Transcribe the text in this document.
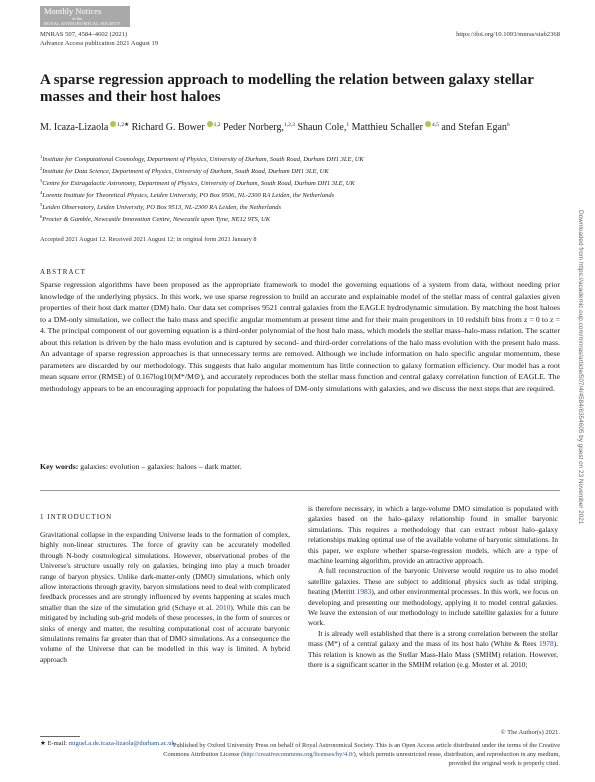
Monthly Notices
of the
ROYAL ASTRONOMICAL SOCIETY
MNRAS 507, 4584–4602 (2021)
Advance Access publication 2021 August 19
https://doi.org/10.1093/mnras/stab2368
A sparse regression approach to modelling the relation between galaxy stellar masses and their host haloes
M. Icaza-Lizaola $^{1,2★}$ Richard G. Bower $^{1,2}$ Peder Norberg,$^{1,2,3}$ Shaun Cole,$^1$ Matthieu Schaller $^{4,5}$ and Stefan Egan$^6$
$^1$Institute for Computational Cosmology, Department of Physics, University of Durham, South Road, Durham DH1 3LE, UK
$^2$Institute for Data Science, Department of Physics, University of Durham, South Road, Durham DH1 3LE, UK
$^3$Centre for Extragalactic Astronomy, Department of Physics, University of Durham, South Road, Durham DH1 3LE, UK
$^4$Lorentz Institute for Theoretical Physics, Leiden University, PO Box 9506, NL-2300 RA Leiden, the Netherlands
$^5$Leiden Observatory, Leiden University, PO Box 9513, NL-2300 RA Leiden, the Netherlands
$^6$Procter & Gamble, Newcastle Innovation Centre, Newcastle upon Tyne, NE12 9TS, UK
Accepted 2021 August 12. Received 2021 August 12; in original form 2021 January 8
ABSTRACT
Sparse regression algorithms have been proposed as the appropriate framework to model the governing equations of a system from data, without needing prior knowledge of the underlying physics. In this work, we use sparse regression to build an accurate and explainable model of the stellar mass of central galaxies given properties of their host dark matter (DM) halo. Our data set comprises 9521 central galaxies from the EAGLE hydrodynamic simulation. By matching the host haloes to a DM-only simulation, we collect the halo mass and specific angular momentum at present time and for their main progenitors in 10 redshift bins from z = 0 to z = 4. The principal component of our governing equation is a third-order polynomial of the host halo mass, which models the stellar mass–halo-mass relation. The scatter about this relation is driven by the halo mass evolution and is captured by second- and third-order correlations of the halo mass evolution with the present halo mass. An advantage of sparse regression approaches is that unnecessary terms are removed. Although we include information on halo specific angular momentum, these parameters are discarded by our methodology. This suggests that halo angular momentum has little connection to galaxy formation efficiency. Our model has a root mean square error (RMSE) of 0.167log10(M*/M⊙), and accurately reproduces both the stellar mass function and central galaxy correlation function of EAGLE. The methodology appears to be an encouraging approach for populating the haloes of DM-only simulations with galaxies, and we discuss the next steps that are required.
Key words: galaxies: evolution – galaxies: haloes – dark matter.
1 INTRODUCTION

Gravitational collapse in the expanding Universe leads to the formation of complex, highly non-linear structures. The force of gravity can be accurately modelled through N-body cosmological simulations. However, observational probes of the Universe's structure usually rely on galaxies, bringing into play a much broader range of baryon physics. Unlike dark-matter-only (DMO) simulations, which only allow interactions through gravity, baryon simulations need to deal with complicated feedback processes and are strongly influenced by events happening at scales much smaller than the size of the simulation grid (Schaye et al. 2010). While this can be mitigated by including sub-grid models of these processes, in the form of sources or sinks of energy and matter, the resulting computational cost of accurate baryonic simulations remains far greater than that of DMO simulations. As a consequence the volume of the Universe that can be modelled in this way is limited. A hybrid approach

is therefore necessary, in which a large-volume DMO simulation is populated with galaxies based on the halo–galaxy relationship found in smaller baryonic simulations. This requires a methodology that can extract robust halo–galaxy relationships making optimal use of the available volume of baryonic simulations. In this paper, we explore whether sparse-regression models, which are a type of machine learning algorithm, provide an attractive approach.

A full reconstruction of the baryonic Universe would require us to also model satellite galaxies. These are subject to additional physics such as tidal striping, heating (Merritt 1983), and other environmental processes. In this work, we focus on developing and presenting our methodology, applying it to model central galaxies. We leave the extension of our methodology to include satellite galaxies for a future work.

It is already well established that there is a strong correlation between the stellar mass (M*) of a central galaxy and the mass of its host halo (White & Rees 1978). This relation is known as the Stellar Mass-Halo Mass (SMHM) relation. However, there is a significant scatter in the SMHM relation (e.g. Moster et al. 2010;

★ E-mail: miguel.a.de.icaza-lizaola@durham.ac.uk
© The Author(s) 2021.
Published by Oxford University Press on behalf of Royal Astronomical Society. This is an Open Access article distributed under the terms of the Creative
Commons Attribution License (http://creativecommons.org/licenses/by/4.0/), which permits unrestricted reuse, distribution, and reproduction in any medium,
provided the original work is properly cited.
Downloaded from https://academic.oup.com/mnras/article/507/4/4584/6354605 by guest on 23 November 2021
